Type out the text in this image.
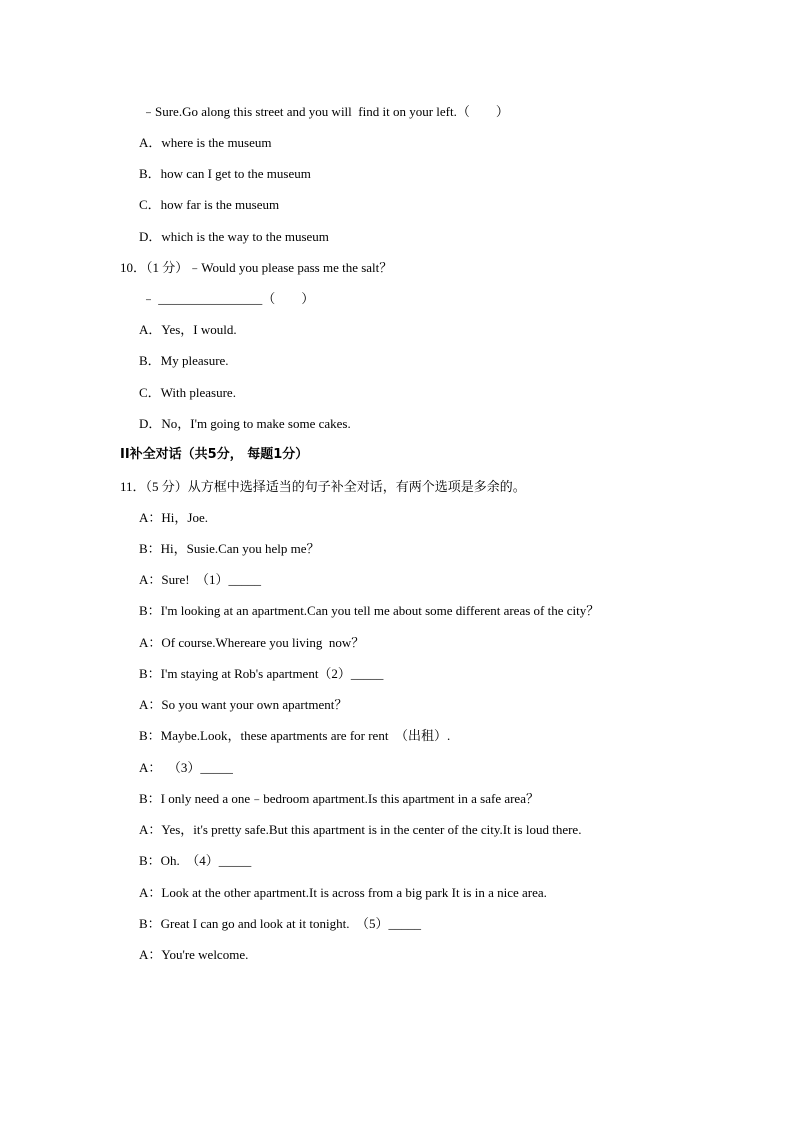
﹣Sure.Go along this street and you will  find it on your left.（　　）
A．where is the museum
B．how can I get to the museum
C．how far is the museum
D．which is the way to the museum
10．（1 分）﹣Would you please pass me the salt？
﹣ ________________（　　）
A．Yes，I would.
B．My pleasure.
C．With pleasure.
D．No，I'm going to make some cakes.
II补全对话（共5分， 每题1分）
11．（5 分）从方框中选择适当的句子补全对话，有两个选项是多余的。
A：Hi，Joe.
B：Hi，Susie.Can you help me？
A：Sure!  （1）_____
B：I'm looking at an apartment.Can you tell me about some different areas of the city？
A：Of course.Whereare you living  now？
B：I'm staying at Rob's apartment（2）_____
A：So you want your own apartment？
B：Maybe.Look，these apartments are for rent  （出租）.
A：  （3）_____
B：I only need a one﹣bedroom apartment.Is this apartment in a safe area？
A：Yes，it's pretty safe.But this apartment is in the center of the city.It is loud there.
B：Oh.  （4）_____
A：Look at the other apartment.It is across from a big park It is in a nice area.
B：Great I can go and look at it tonight.  （5）_____
A：You're welcome.
